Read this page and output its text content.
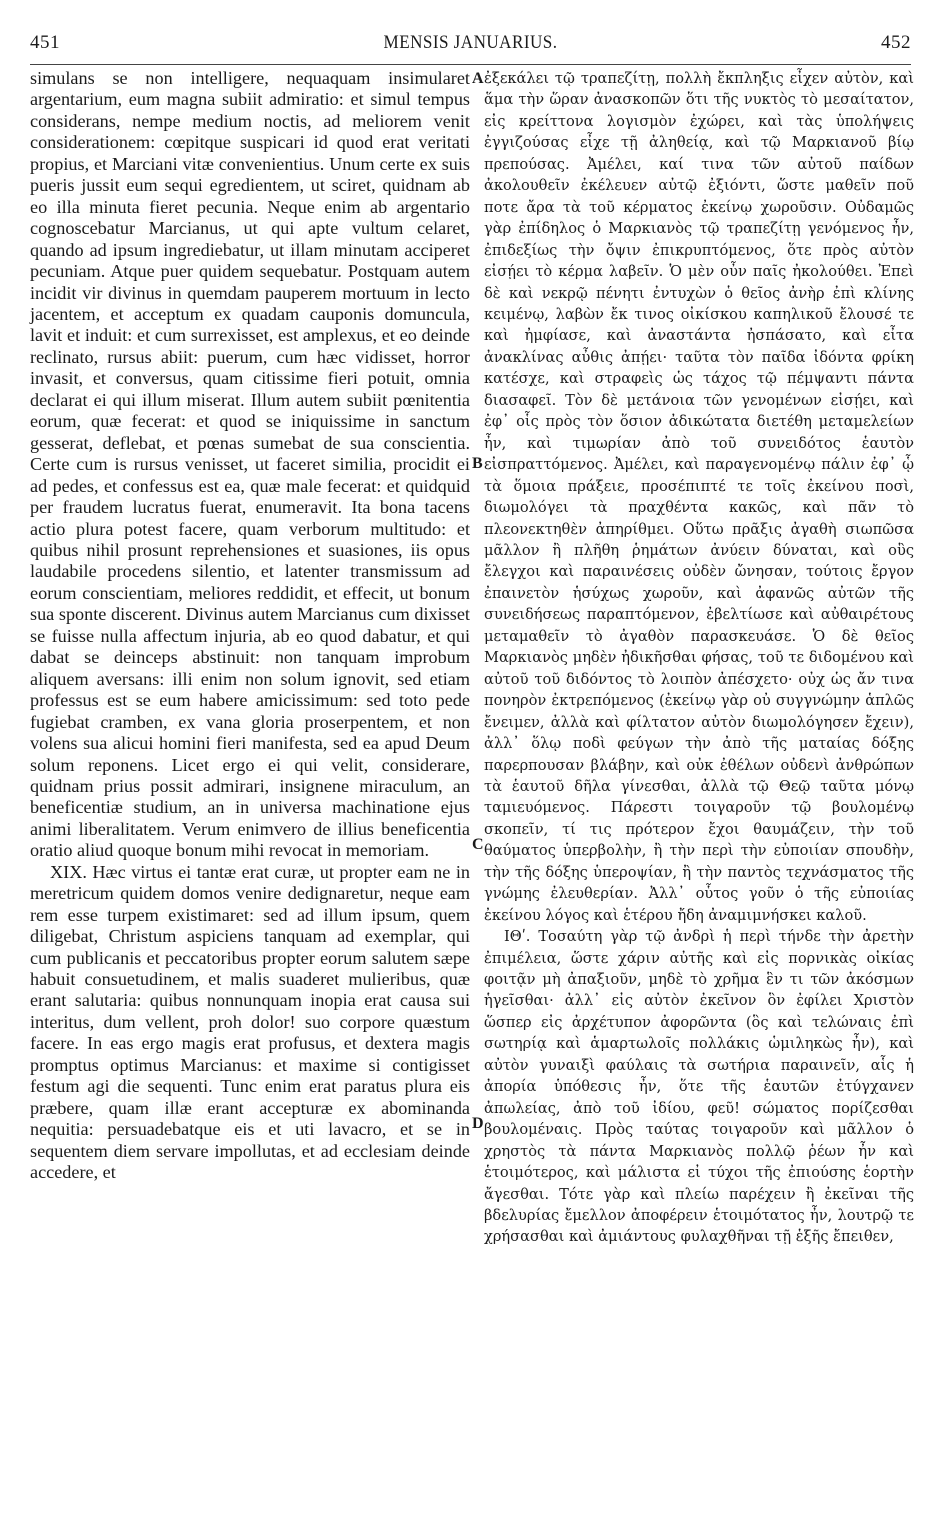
451	MENSIS JANUARIUS.	452

simulans se non intelligere, nequaquam insimularet argentarium, eum magna subiit admiratio: et simul tempus considerans, nempe medium noctis, ad meliorem venit considerationem: cœpitque suspicari id quod erat veritati propius, et Marciani vitæ convenientius. Unum certe ex suis pueris jussit eum sequi egredientem, ut sciret, quidnam ab eo illa minuta fieret pecunia. Neque enim ab argentario cognoscebatur Marcianus, ut qui apte vultum celaret, quando ad ipsum ingrediebatur, ut illam minutam acciperet pecuniam. Atque puer quidem sequebatur. Postquam autem incidit vir divinus in quemdam pauperem mortuum in lecto jacentem, et acceptum ex quadam cauponis domuncula, lavit et induit: et cum surrexisset, est amplexus, et eo deinde reclinato, rursus abiit: puerum, cum hæc vidisset, horror invasit, et conversus, quam citissime fieri potuit, omnia declarat ei qui illum miserat. Illum autem subiit pœnitentia eorum, quæ fecerat: et quod se iniquissime in sanctum gesserat, deflebat, et pœnas sumebat de sua conscientia. Certe cum is rursus venisset, ut faceret similia, procidit ei ad pedes, et confessus est ea, quæ male fecerat: et quidquid per fraudem lucratus fuerat, enumeravit. Ita bona tacens actio plura potest facere, quam verborum multitudo: et quibus nihil prosunt reprehensiones et suasiones, iis opus laudabile procedens silentio, et latenter transmissum ad eorum conscientiam, meliores reddidit, et effecit, ut bonum sua sponte discerent. Divinus autem Marcianus cum dixisset se fuisse nulla affectum injuria, ab eo quod dabatur, et qui dabat se deinceps abstinuit: non tanquam improbum aliquem aversans: illi enim non solum ignovit, sed etiam professus est se eum habere amicissimum: sed toto pede fugiebat cramben, ex vana gloria proserpentem, et non volens sua alicui homini fieri manifesta, sed ea apud Deum solum reponens. Licet ergo ei qui velit, considerare, quidnam prius possit admirari, insignene miraculum, an beneficentiæ studium, an in universa machinatione ejus animi liberalitatem. Verum enimvero de illius beneficentia oratio aliud quoque bonum mihi revocat in memoriam.

XIX. Hæc virtus ei tantæ erat curæ, ut propter eam ne in meretricum quidem domos venire dedignaretur, neque eam rem esse turpem existimaret: sed ad illum ipsum, quem diligebat, Christum aspiciens tanquam ad exemplar, qui cum publicanis et peccatoribus propter eorum salutem sæpe habuit consuetudinem, et malis suaderet mulieribus, quæ erant salutaria: quibus nonnunquam inopia erat causa sui interitus, dum vellent, proh dolor! suo corpore quæstum facere. In eas ergo magis erat profusus, et dextera magis promptus optimus Marcianus: et maxime si contigisset festum agi die sequenti. Tunc enim erat paratus plura eis præbere, quam illæ erant accepturæ ex abominanda nequitia: persuadebatque eis et uti lavacro, et se in sequentem diem servare impollutas, et ad ecclesiam deinde accedere, et

A
B
C
D

ἐξεκάλει τῷ τραπεζίτῃ, πολλὴ ἔκπληξις εἶχεν αὐτὸν, καὶ ἅμα τὴν ὥραν ἀνασκοπῶν ὅτι τῆς νυκτὸς τὸ μεσαίτατον, εἰς κρείττονα λογισμὸν ἐχώρει, καὶ τὰς ὑπολήψεις ἐγγιζούσας εἶχε τῇ ἀληθείᾳ, καὶ τῷ Μαρκιανοῦ βίῳ πρεπούσας. Ἀμέλει, καί τινα τῶν αὐτοῦ παίδων ἀκολουθεῖν ἐκέλευεν αὐτῷ ἐξιόντι, ὥστε μαθεῖν ποῦ ποτε ἄρα τὰ τοῦ κέρματος ἐκείνῳ χωροῦσιν. Οὐδαμῶς γὰρ ἐπίδηλος ὁ Μαρκιανὸς τῷ τραπεζίτῃ γενόμενος ἦν, ἐπιδεξίως τὴν ὄψιν ἐπικρυπτόμενος, ὅτε πρὸς αὐτὸν εἰσῄει τὸ κέρμα λαβεῖν. Ὁ μὲν οὖν παῖς ἠκολούθει. Ἐπεὶ δὲ καὶ νεκρῷ πένητι ἐντυχὼν ὁ θεῖος ἀνὴρ ἐπὶ κλίνης κειμένῳ, λαβὼν ἔκ τινος οἰκίσκου καπηλικοῦ ἔλουσέ τε καὶ ἠμφίασε, καὶ ἀναστάντα ἠσπάσατο, καὶ εἶτα ἀνακλίνας αὖθις ἀπῄει· ταῦτα τὸν παῖδα ἰδόντα φρίκη κατέσχε, καὶ στραφεὶς ὡς τάχος τῷ πέμψαντι πάντα διασαφεῖ. Τὸν δὲ μετάνοια τῶν γενομένων εἰσῄει, καὶ ἐφ᾽ οἷς πρὸς τὸν ὅσιον ἀδικώτατα διετέθη μεταμελείων ἦν, καὶ τιμωρίαν ἀπὸ τοῦ συνειδότος ἑαυτὸν εἰσπραττόμενος. Ἀμέλει, καὶ παραγενομένῳ πάλιν ἐφ᾽ ᾧ τὰ ὅμοια πράξειε, προσέπιπτέ τε τοῖς ἐκείνου ποσὶ, διωμολόγει τὰ πραχθέντα κακῶς, καὶ πᾶν τὸ πλεονεκτηθὲν ἀπηρίθμει. Οὕτω πρᾶξις ἀγαθὴ σιωπῶσα μᾶλλον ἢ πλῆθη ῥημάτων ἀνύειν δύναται, καὶ οὓς ἔλεγχοι καὶ παραινέσεις οὐδὲν ὤνησαν, τούτοις ἔργον ἐπαινετὸν ἡσύχως χωροῦν, καὶ ἀφανῶς αὐτῶν τῆς συνειδήσεως παραπτόμενον, ἐβελτίωσε καὶ αὐθαιρέτους μεταμαθεῖν τὸ ἀγαθὸν παρασκευάσε. Ὁ δὲ θεῖος Μαρκιανὸς μηδὲν ἠδικῆσθαι φήσας, τοῦ τε διδομένου καὶ αὐτοῦ τοῦ διδόντος τὸ λοιπὸν ἀπέσχετο· οὐχ ὡς ἄν τινα πονηρὸν ἐκτρεπόμενος (ἐκείνῳ γὰρ οὐ συγγνώμην ἁπλῶς ἔνειμεν, ἀλλὰ καὶ φίλτατον αὐτὸν διωμολόγησεν ἔχειν), ἀλλ᾽ ὅλῳ ποδὶ φεύγων τὴν ἀπὸ τῆς ματαίας δόξης παρερπουσαν βλάβην, καὶ οὐκ ἐθέλων οὐδενὶ ἀνθρώπων τὰ ἑαυτοῦ δῆλα γίνεσθαι, ἀλλὰ τῷ Θεῷ ταῦτα μόνῳ ταμιευόμενος. Πάρεστι τοιγαροῦν τῷ βουλομένῳ σκοπεῖν, τί τις πρότερον ἔχοι θαυμάζειν, τὴν τοῦ θαύματος ὑπερβολὴν, ἢ τὴν περὶ τὴν εὐποιίαν σπουδὴν, τὴν τῆς δόξης ὑπεροψίαν, ἢ τὴν παντὸς τεχνάσματος τῆς γνώμης ἐλευθερίαν. Ἀλλ᾽ οὗτος γοῦν ὁ τῆς εὐποιίας ἐκείνου λόγος καὶ ἑτέρου ἤδη ἀναμιμνήσκει καλοῦ.

ΙΘʹ. Τοσαύτη γὰρ τῷ ἀνδρὶ ἡ περὶ τήνδε τὴν ἀρετὴν ἐπιμέλεια, ὥστε χάριν αὐτῆς καὶ εἰς πορνικὰς οἰκίας φοιτᾷν μὴ ἀπαξιοῦν, μηδὲ τὸ χρῆμα ἓν τι τῶν ἀκόσμων ἡγεῖσθαι· ἀλλ᾽ εἰς αὐτὸν ἐκεῖνον ὃν ἐφίλει Χριστὸν ὥσπερ εἰς ἀρχέτυπον ἀφορῶντα (ὃς καὶ τελώναις ἐπὶ σωτηρίᾳ καὶ ἁμαρτωλοῖς πολλάκις ὡμιληκὼς ἦν), καὶ αὐτὸν γυναιξὶ φαύλαις τὰ σωτήρια παραινεῖν, αἷς ἡ ἀπορία ὑπόθεσις ἦν, ὅτε τῆς ἑαυτῶν ἐτύγχανεν ἀπωλείας, ἀπὸ τοῦ ἰδίου, φεῦ! σώματος πορίζεσθαι βουλομέναις. Πρὸς ταύτας τοιγαροῦν καὶ μᾶλλον ὁ χρηστὸς τὰ πάντα Μαρκιανὸς πολλῷ ῥέων ἦν καὶ ἑτοιμότερος, καὶ μάλιστα εἰ τύχοι τῆς ἐπιούσης ἑορτὴν ἄγεσθαι. Τότε γὰρ καὶ πλείω παρέχειν ἢ ἐκεῖναι τῆς βδελυρίας ἔμελλον ἀποφέρειν ἑτοιμότατος ἦν, λουτρῷ τε χρήσασθαι καὶ ἀμιάντους φυλαχθῆναι τῇ ἑξῆς ἔπειθεν,
